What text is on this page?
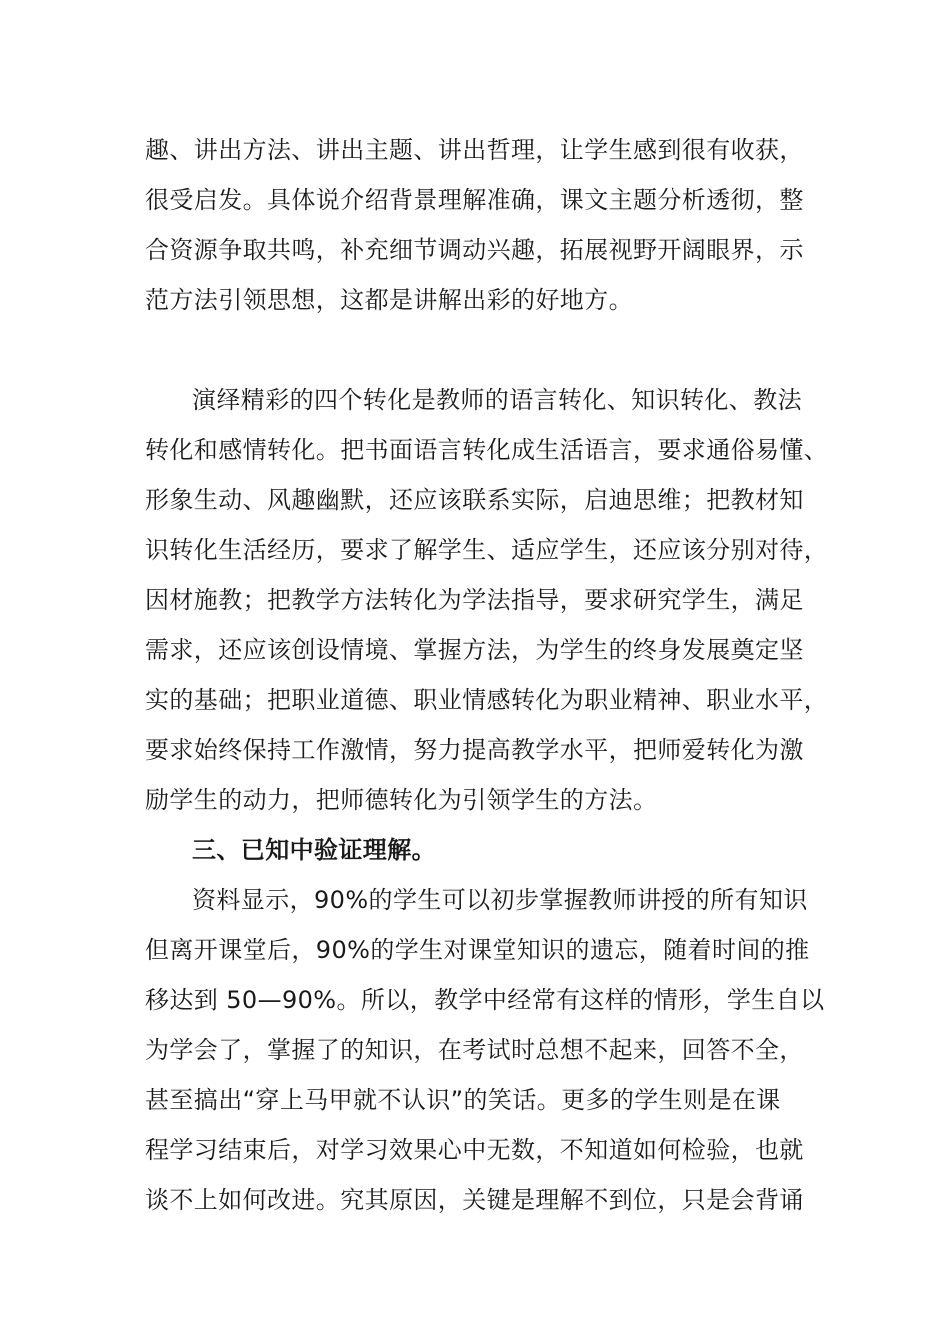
趣、讲出方法、讲出主题、讲出哲理，让学生感到很有收获，

很受启发。具体说介绍背景理解准确，课文主题分析透彻，整

合资源争取共鸣，补充细节调动兴趣，拓展视野开阔眼界，示

范方法引领思想，这都是讲解出彩的好地方。

演绎精彩的四个转化是教师的语言转化、知识转化、教法

转化和感情转化。把书面语言转化成生活语言，要求通俗易懂、

形象生动、风趣幽默，还应该联系实际，启迪思维；把教材知

识转化生活经历，要求了解学生、适应学生，还应该分别对待，

因材施教；把教学方法转化为学法指导，要求研究学生，满足

需求，还应该创设情境、掌握方法，为学生的终身发展奠定坚

实的基础；把职业道德、职业情感转化为职业精神、职业水平，

要求始终保持工作激情，努力提高教学水平，把师爱转化为激

励学生的动力，把师德转化为引领学生的方法。

三、已知中验证理解。

资料显示，90%的学生可以初步掌握教师讲授的所有知识

但离开课堂后，90%的学生对课堂知识的遗忘，随着时间的推

移达到 50—90%。所以，教学中经常有这样的情形，学生自以

为学会了，掌握了的知识，在考试时总想不起来，回答不全，

甚至搞出“穿上马甲就不认识”的笑话。更多的学生则是在课

程学习结束后，对学习效果心中无数，不知道如何检验，也就

谈不上如何改进。究其原因，关键是理解不到位，只是会背诵
